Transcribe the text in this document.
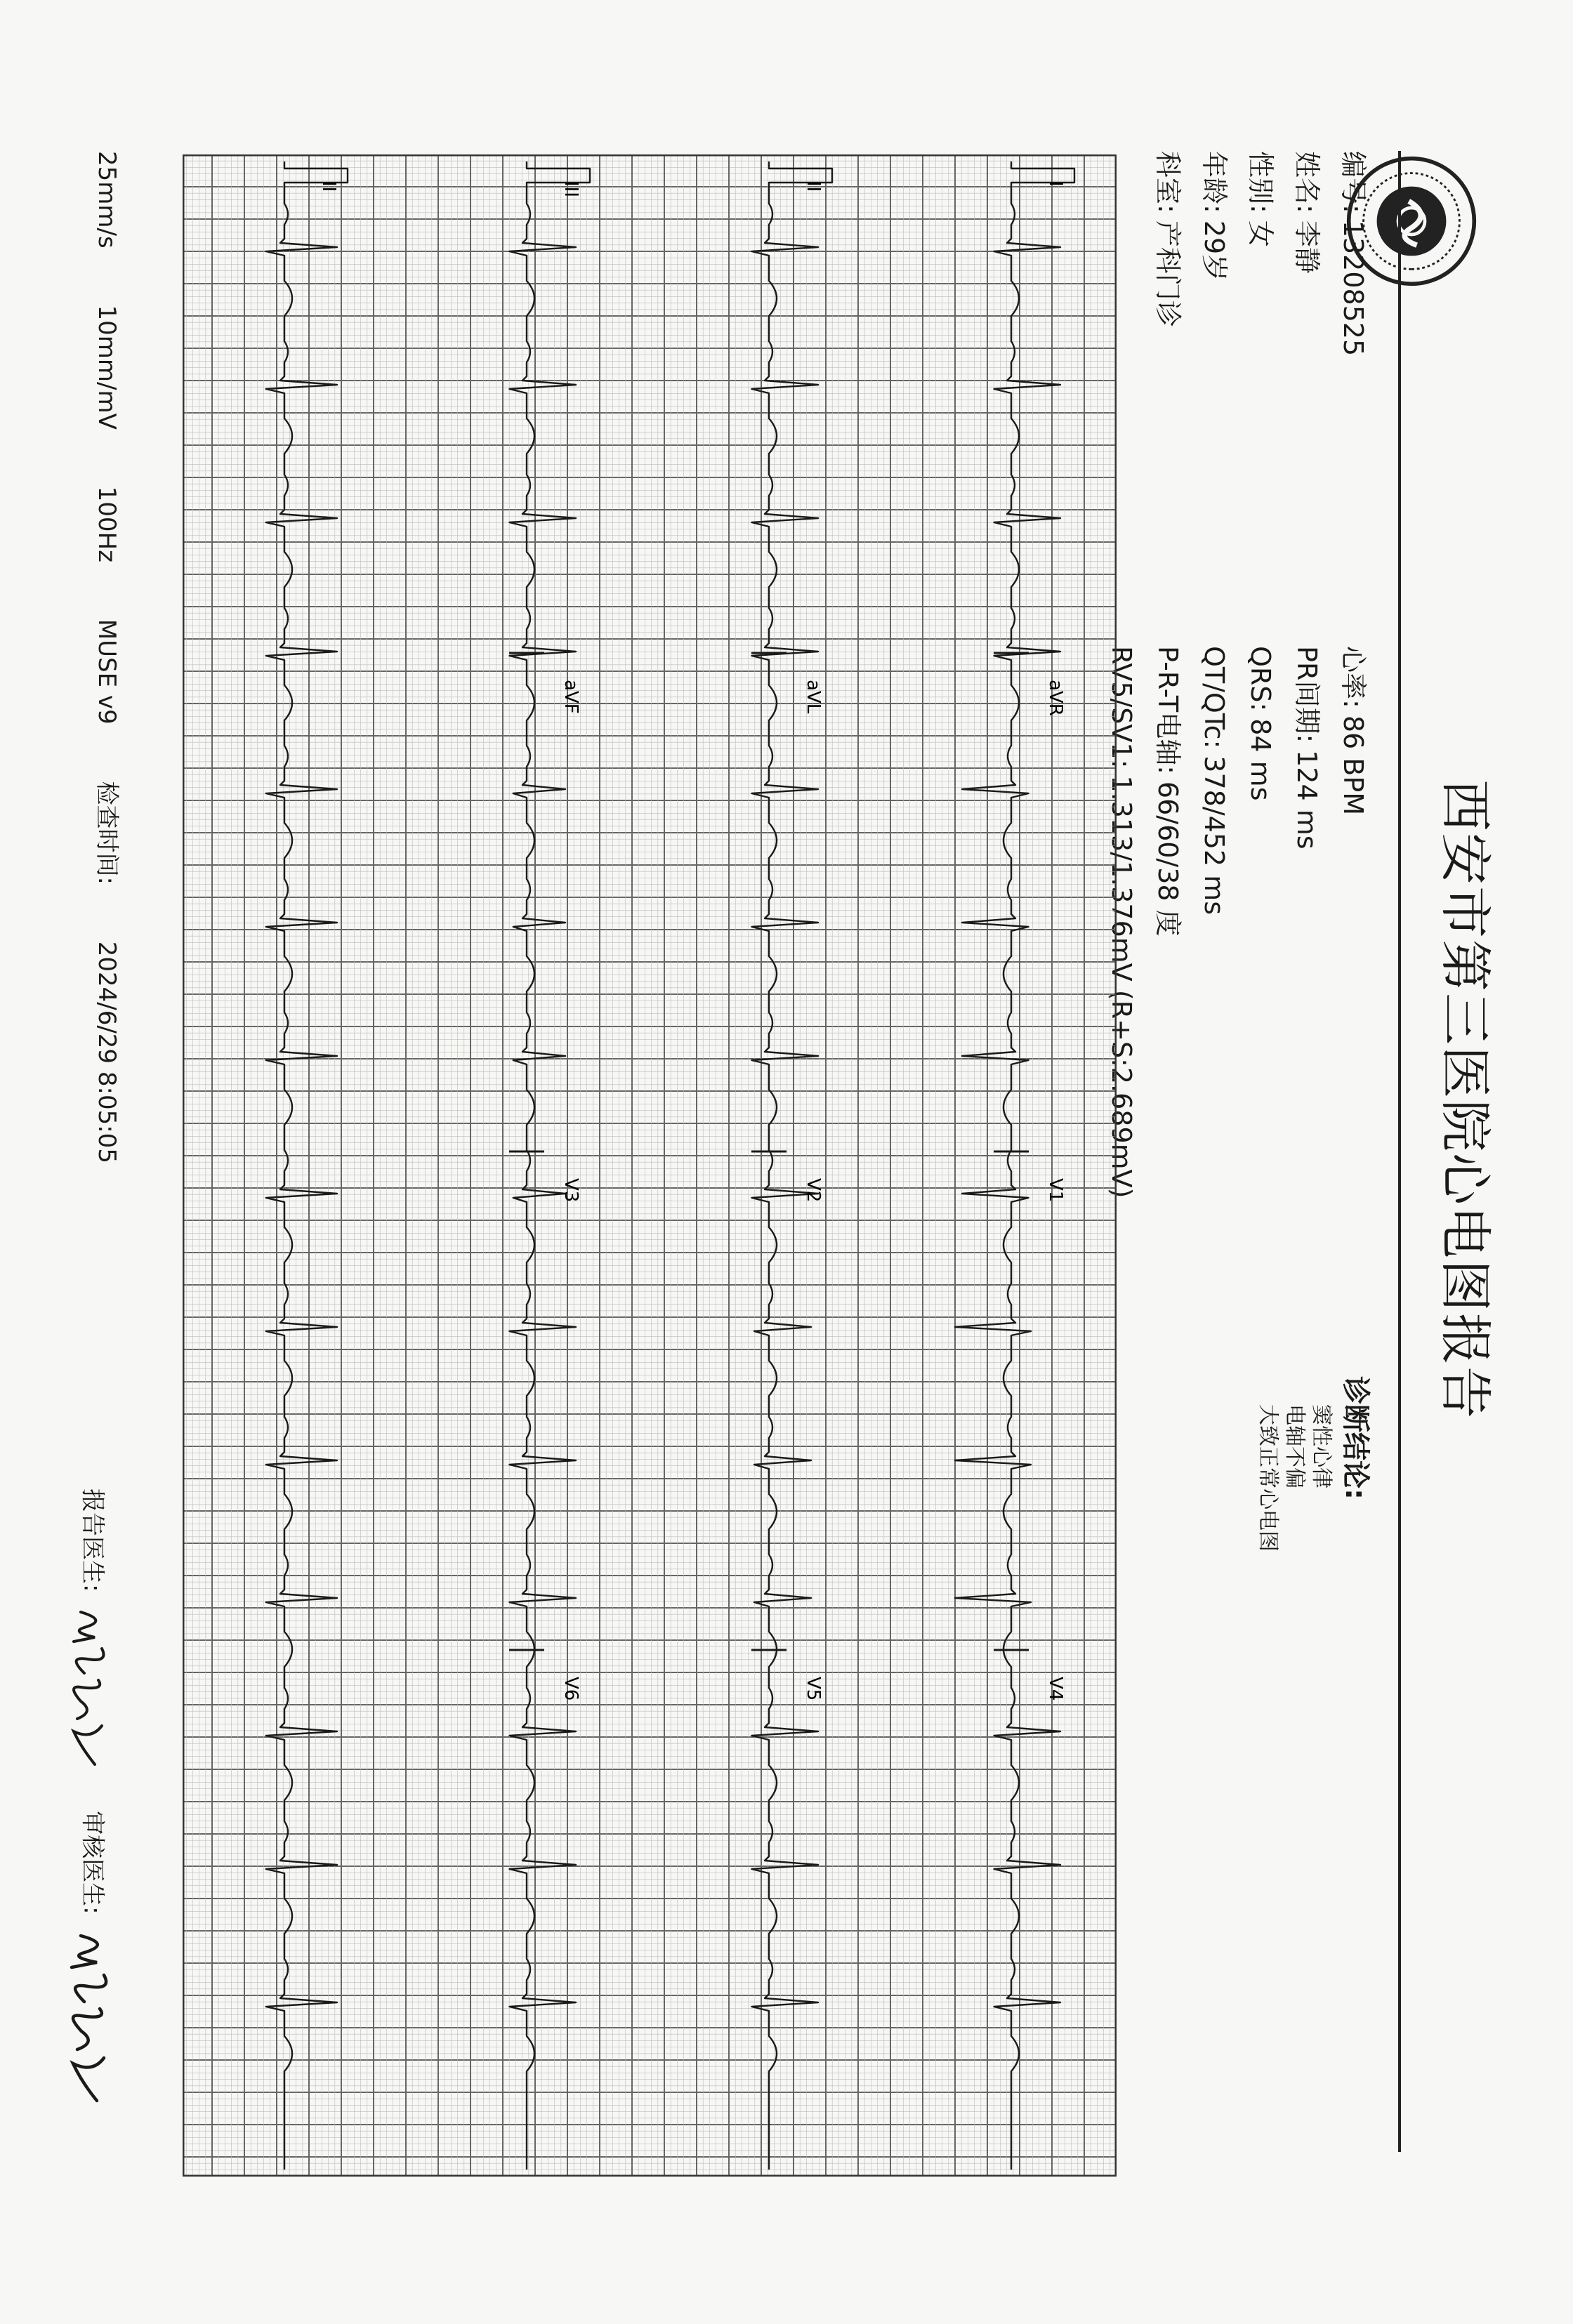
西安市第三医院心电图报告
编号:13208525
姓名:李静
性别:女
年龄:29岁
科室:产科门诊
心率:86 BPM
PR间期:124 ms
QRS:84 ms
QT/QTc:378/452 ms
P-R-T电轴:66/60/38 度
RV5/SV1:1.313/1.376mV (R+S:2.689mV)
诊断结论:
窦性心律
电轴不偏
大致正常心电图
I
aVR
V1
V4
II
aVL
V2
V5
III
aVF
V3
V6
II
25mm/s 10mm/mV 100Hz MUSE v9 检查时间: 2024/6/29 8:05:05
报告医生:  审核医生:
